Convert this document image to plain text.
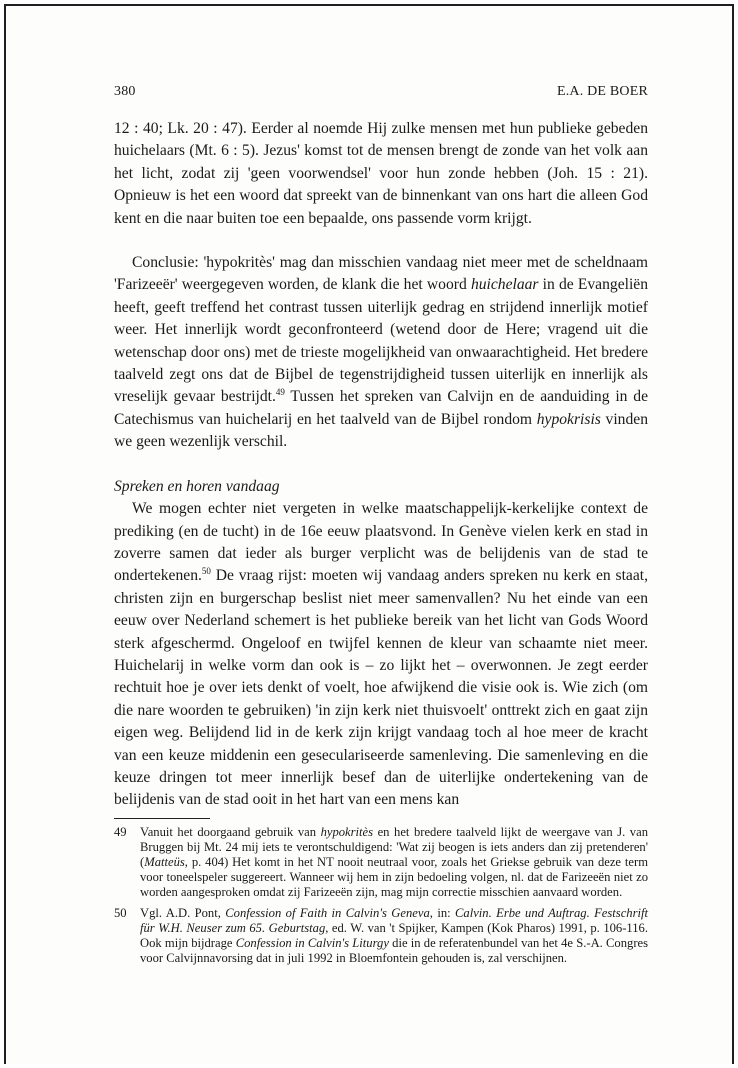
380	E.A. DE BOER

12 : 40; Lk. 20 : 47). Eerder al noemde Hij zulke mensen met hun publieke gebeden huichelaars (Mt. 6 : 5). Jezus' komst tot de mensen brengt de zonde van het volk aan het licht, zodat zij 'geen voorwendsel' voor hun zonde hebben (Joh. 15 : 21). Opnieuw is het een woord dat spreekt van de binnenkant van ons hart die alleen God kent en die naar buiten toe een bepaalde, ons passende vorm krijgt.

Conclusie: 'hypokritès' mag dan misschien vandaag niet meer met de scheldnaam 'Farizeeër' weergegeven worden, de klank die het woord huichelaar in de Evangeliën heeft, geeft treffend het contrast tussen uiterlijk gedrag en strijdend innerlijk motief weer. Het innerlijk wordt geconfronteerd (wetend door de Here; vragend uit die wetenschap door ons) met de trieste mogelijkheid van onwaarachtigheid. Het bredere taalveld zegt ons dat de Bijbel de tegenstrijdigheid tussen uiterlijk en innerlijk als vreselijk gevaar bestrijdt.$^{49}$ Tussen het spreken van Calvijn en de aanduiding in de Catechismus van huichelarij en het taalveld van de Bijbel rondom hypokrisis vinden we geen wezenlijk verschil.

Spreken en horen vandaag

We mogen echter niet vergeten in welke maatschappelijk-kerkelijke context de prediking (en de tucht) in de 16e eeuw plaatsvond. In Genève vielen kerk en stad in zoverre samen dat ieder als burger verplicht was de belijdenis van de stad te ondertekenen.$^{50}$ De vraag rijst: moeten wij vandaag anders spreken nu kerk en staat, christen zijn en burgerschap beslist niet meer samenvallen? Nu het einde van een eeuw over Nederland schemert is het publieke bereik van het licht van Gods Woord sterk afgeschermd. Ongeloof en twijfel kennen de kleur van schaamte niet meer. Huichelarij in welke vorm dan ook is – zo lijkt het – overwonnen. Je zegt eerder rechtuit hoe je over iets denkt of voelt, hoe afwijkend die visie ook is. Wie zich (om die nare woorden te gebruiken) 'in zijn kerk niet thuisvoelt' onttrekt zich en gaat zijn eigen weg. Belijdend lid in de kerk zijn krijgt vandaag toch al hoe meer de kracht van een keuze middenin een geseculariseerde samenleving. Die samenleving en die keuze dringen tot meer innerlijk besef dan de uiterlijke ondertekening van de belijdenis van de stad ooit in het hart van een mens kan

49	Vanuit het doorgaand gebruik van hypokritès en het bredere taalveld lijkt de weergave van J. van Bruggen bij Mt. 24 mij iets te verontschuldigend: 'Wat zij beogen is iets anders dan zij pretenderen' (Matteüs, p. 404) Het komt in het NT nooit neutraal voor, zoals het Griekse gebruik van deze term voor toneelspeler suggereert. Wanneer wij hem in zijn bedoeling volgen, nl. dat de Farizeeën niet zo worden aangesproken omdat zij Farizeeën zijn, mag mijn correctie misschien aanvaard worden.
50	Vgl. A.D. Pont, Confession of Faith in Calvin's Geneva, in: Calvin. Erbe und Auftrag. Festschrift für W.H. Neuser zum 65. Geburtstag, ed. W. van 't Spijker, Kampen (Kok Pharos) 1991, p. 106-116. Ook mijn bijdrage Confession in Calvin's Liturgy die in de referatenbundel van het 4e S.-A. Congres voor Calvijnnavorsing dat in juli 1992 in Bloemfontein gehouden is, zal verschijnen.
